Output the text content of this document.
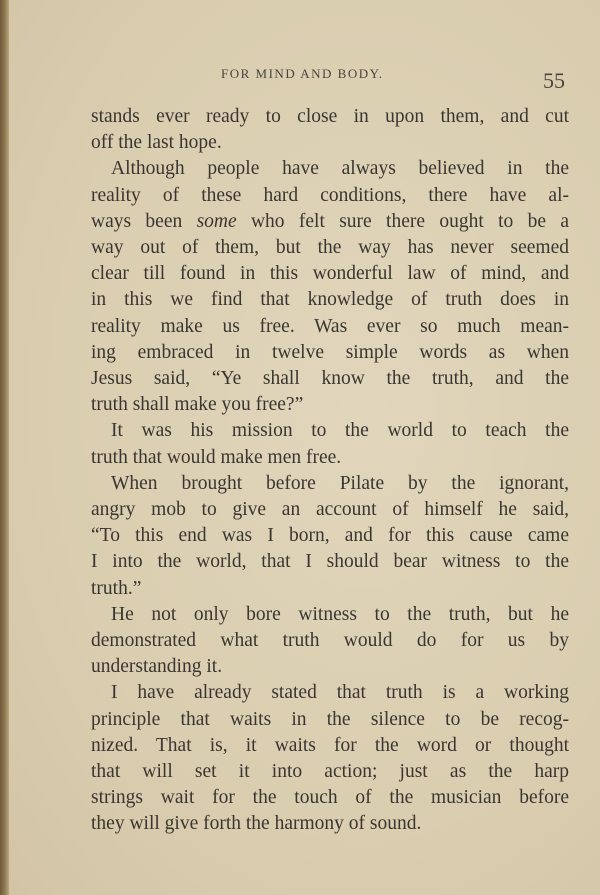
FOR MIND AND BODY.	55
stands ever ready to close in upon them, and cut
off the last hope.
Although people have always believed in the
reality of these hard conditions, there have al-
ways been some who felt sure there ought to be a
way out of them, but the way has never seemed
clear till found in this wonderful law of mind, and
in this we find that knowledge of truth does in
reality make us free. Was ever so much mean-
ing embraced in twelve simple words as when
Jesus said, “Ye shall know the truth, and the
truth shall make you free?”
It was his mission to the world to teach the
truth that would make men free.
When brought before Pilate by the ignorant,
angry mob to give an account of himself he said,
“To this end was I born, and for this cause came
I into the world, that I should bear witness to the
truth.”
He not only bore witness to the truth, but he
demonstrated what truth would do for us by
understanding it.
I have already stated that truth is a working
principle that waits in the silence to be recog-
nized. That is, it waits for the word or thought
that will set it into action; just as the harp
strings wait for the touch of the musician before
they will give forth the harmony of sound.
